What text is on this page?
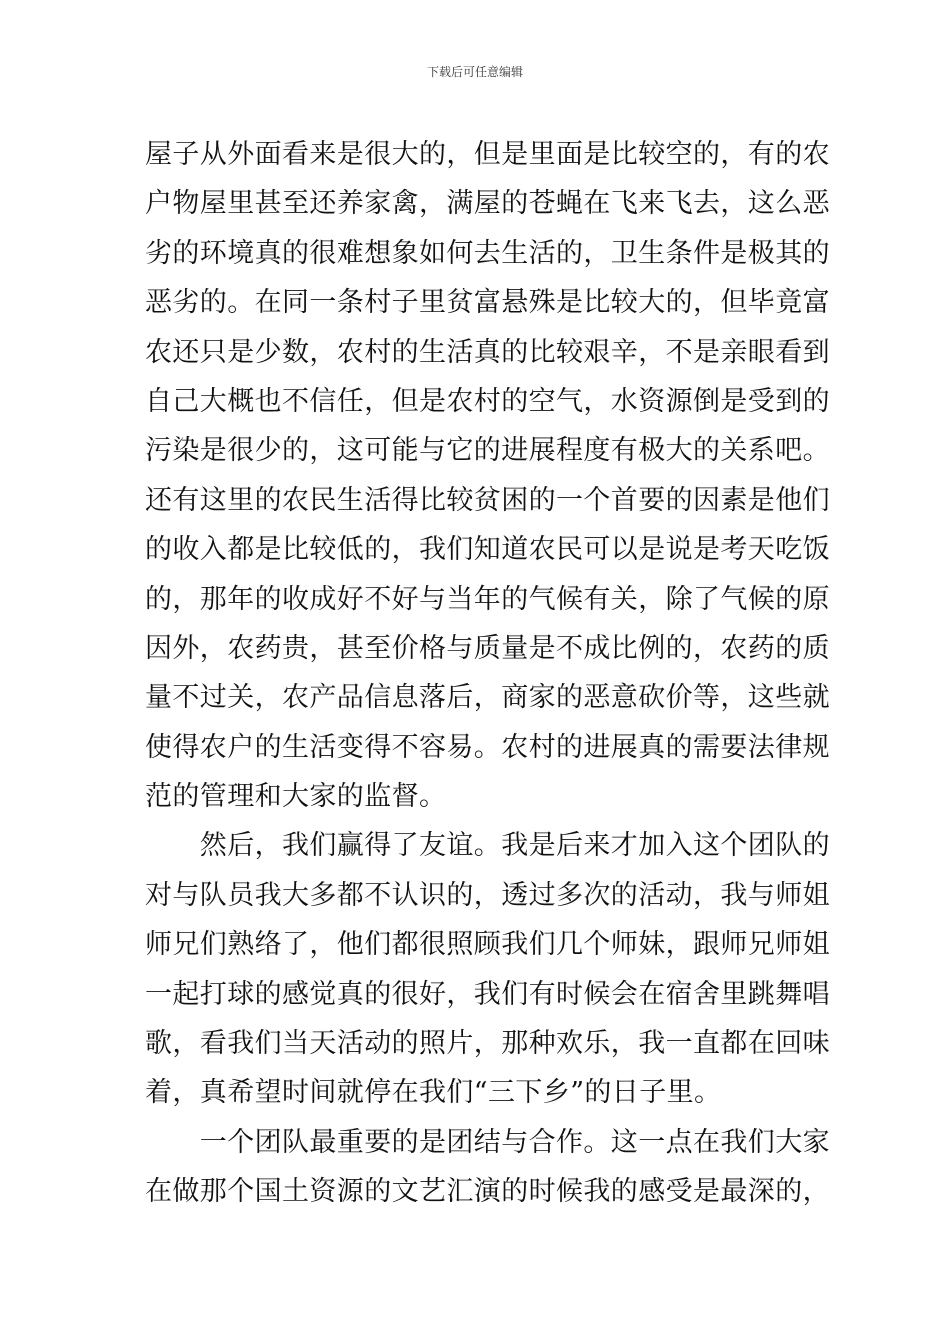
下载后可任意编辑
屋子从外面看来是很大的，但是里面是比较空的，有的农
户物屋里甚至还养家禽，满屋的苍蝇在飞来飞去，这么恶
劣的环境真的很难想象如何去生活的，卫生条件是极其的
恶劣的。在同一条村子里贫富悬殊是比较大的，但毕竟富
农还只是少数，农村的生活真的比较艰辛，不是亲眼看到
自己大概也不信任，但是农村的空气，水资源倒是受到的
污染是很少的，这可能与它的进展程度有极大的关系吧。
还有这里的农民生活得比较贫困的一个首要的因素是他们
的收入都是比较低的，我们知道农民可以是说是考天吃饭
的，那年的收成好不好与当年的气候有关，除了气候的原
因外，农药贵，甚至价格与质量是不成比例的，农药的质
量不过关，农产品信息落后，商家的恶意砍价等，这些就
使得农户的生活变得不容易。农村的进展真的需要法律规
范的管理和大家的监督。
　　然后，我们赢得了友谊。我是后来才加入这个团队的
对与队员我大多都不认识的，透过多次的活动，我与师姐
师兄们熟络了，他们都很照顾我们几个师妹，跟师兄师姐
一起打球的感觉真的很好，我们有时候会在宿舍里跳舞唱
歌，看我们当天活动的照片，那种欢乐，我一直都在回味
着，真希望时间就停在我们“三下乡”的日子里。
　　一个团队最重要的是团结与合作。这一点在我们大家
在做那个国土资源的文艺汇演的时候我的感受是最深的，
